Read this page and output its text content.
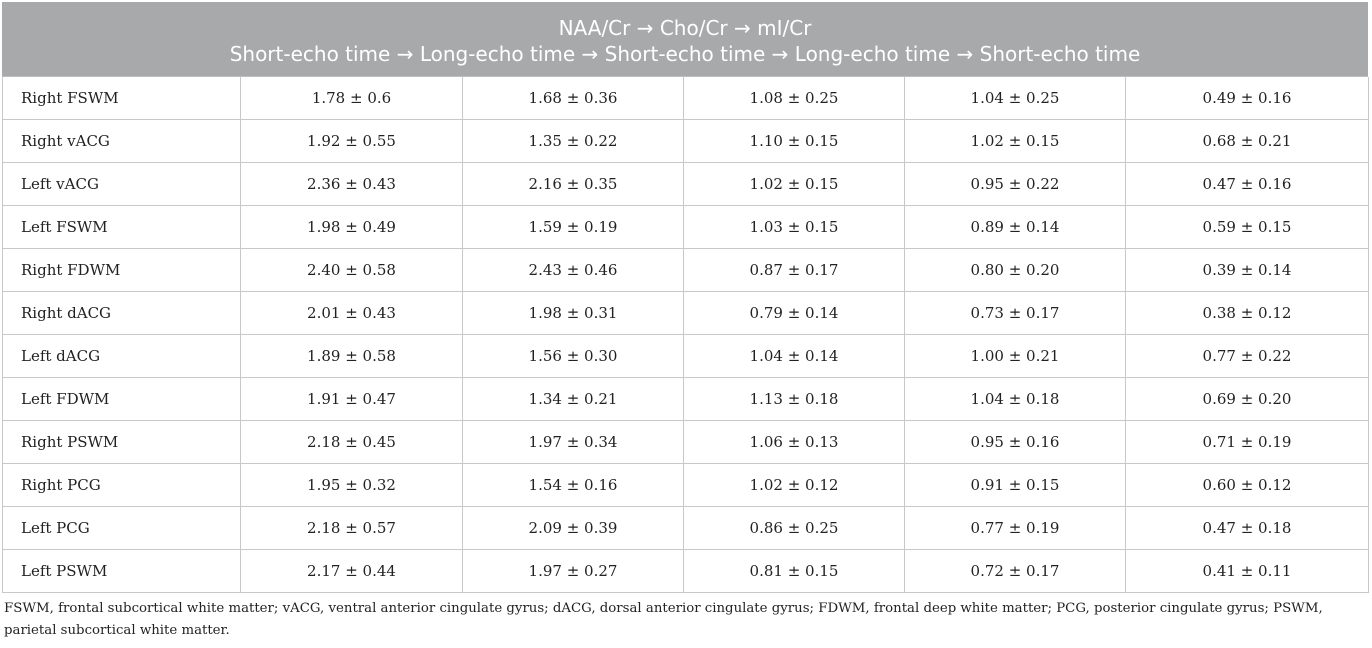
NAA/Cr → Cho/Cr → mI/Cr
Short-echo time → Long-echo time → Short-echo time → Long-echo time → Short-echo time
Right FSWM	1.78 ± 0.6	1.68 ± 0.36	1.08 ± 0.25	1.04 ± 0.25	0.49 ± 0.16
Right vACG	1.92 ± 0.55	1.35 ± 0.22	1.10 ± 0.15	1.02 ± 0.15	0.68 ± 0.21
Left vACG	2.36 ± 0.43	2.16 ± 0.35	1.02 ± 0.15	0.95 ± 0.22	0.47 ± 0.16
Left FSWM	1.98 ± 0.49	1.59 ± 0.19	1.03 ± 0.15	0.89 ± 0.14	0.59 ± 0.15
Right FDWM	2.40 ± 0.58	2.43 ± 0.46	0.87 ± 0.17	0.80 ± 0.20	0.39 ± 0.14
Right dACG	2.01 ± 0.43	1.98 ± 0.31	0.79 ± 0.14	0.73 ± 0.17	0.38 ± 0.12
Left dACG	1.89 ± 0.58	1.56 ± 0.30	1.04 ± 0.14	1.00 ± 0.21	0.77 ± 0.22
Left FDWM	1.91 ± 0.47	1.34 ± 0.21	1.13 ± 0.18	1.04 ± 0.18	0.69 ± 0.20
Right PSWM	2.18 ± 0.45	1.97 ± 0.34	1.06 ± 0.13	0.95 ± 0.16	0.71 ± 0.19
Right PCG	1.95 ± 0.32	1.54 ± 0.16	1.02 ± 0.12	0.91 ± 0.15	0.60 ± 0.12
Left PCG	2.18 ± 0.57	2.09 ± 0.39	0.86 ± 0.25	0.77 ± 0.19	0.47 ± 0.18
Left PSWM	2.17 ± 0.44	1.97 ± 0.27	0.81 ± 0.15	0.72 ± 0.17	0.41 ± 0.11
FSWM, frontal subcortical white matter; vACG, ventral anterior cingulate gyrus; dACG, dorsal anterior cingulate gyrus; FDWM, frontal deep white matter; PCG, posterior cingulate gyrus; PSWM, parietal subcortical white matter.
